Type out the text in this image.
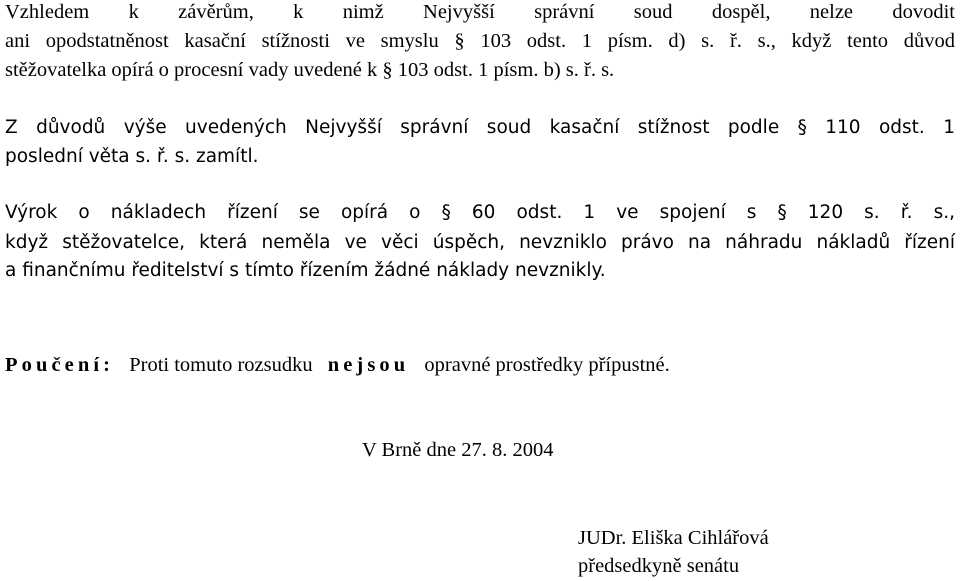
Vzhledem k závěrům, k nimž Nejvyšší správní soud dospěl, nelze dovodit

ani opodstatněnost kasační stížnosti ve smyslu § 103 odst. 1 písm. d) s. ř. s., když tento důvod

stěžovatelka opírá o procesní vady uvedené k § 103 odst. 1 písm. b) s. ř. s.

Z důvodů výše uvedených Nejvyšší správní soud kasační stížnost podle § 110 odst. 1

poslední věta s. ř. s. zamítl.

Výrok o nákladech řízení se opírá o § 60 odst. 1 ve spojení s § 120 s. ř. s.,

když stěžovatelce, která neměla ve věci úspěch, nevzniklo právo na náhradu nákladů řízení

a finančnímu ředitelství s tímto řízením žádné náklady nevznikly.

Poučení: Proti tomuto rozsudku nejsou opravné prostředky přípustné.

V Brně dne 27. 8. 2004

JUDr. Eliška Cihlářová

předsedkyně senátu
